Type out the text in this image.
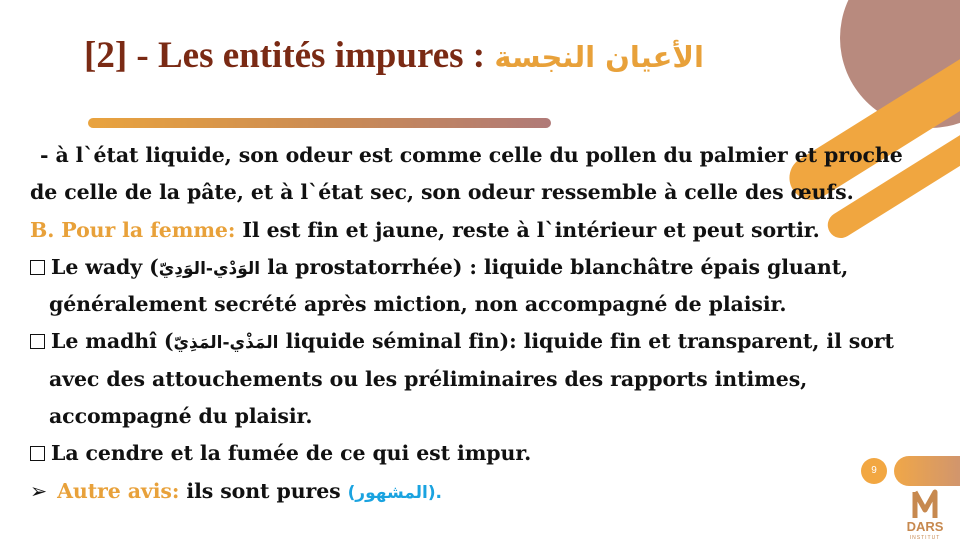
[2] - Les entités impures : الأعيان النجسة
- à l`état liquide, son odeur est comme celle du pollen du palmier et proche
de celle de la pâte, et à l`état sec, son odeur ressemble à celle des œufs.
B. Pour la femme: Il est fin et jaune, reste à l`intérieur et peut sortir.
Le wady (الوَدْي-الوَدِيّ la prostatorrhée) : liquide blanchâtre épais gluant,
généralement secrété après miction, non accompagné de plaisir.
Le madhî (المَذْي-المَذِيّ liquide séminal fin): liquide fin et transparent, il sort
avec des attouchements ou les préliminaires des rapports intimes,
accompagné du plaisir.
La cendre et la fumée de ce qui est impur.
➢ Autre avis: ils sont pures (المشهور).
9
DARS
INSTITUT
